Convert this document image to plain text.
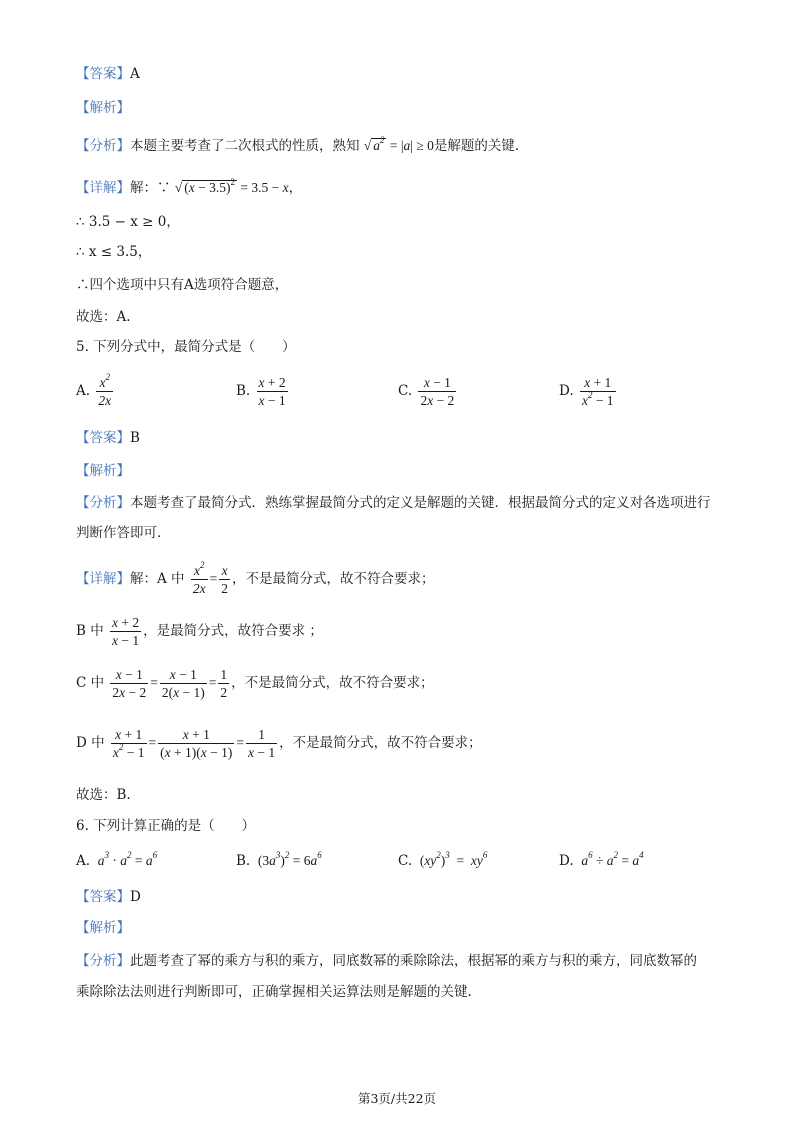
【答案】A
【解析】
【分析】本题主要考查了二次根式的性质，熟知 √ $a^2 = |a| \ge 0$是解题的关键.
【详解】解：∵ √ $(x - 3.5)^2 = 3.5 - x$，
∴ 3.5 − x ≥ 0，
∴ x ≤ 3.5，
∴四个选项中只有A选项符合题意，
故选：A.
5. 下列分式中，最简分式是（　　）
A. $\frac{x^2}{2x}$	B. $\frac{x + 2}{x - 1}$	C. $\frac{x - 1}{2x - 2}$	D. $\frac{x + 1}{x^2 - 1}$
【答案】B
【解析】
【分析】本题考查了最简分式．熟练掌握最简分式的定义是解题的关键．根据最简分式的定义对各选项进行
判断作答即可．
【详解】解：A 中 $\frac{x^2}{2x} = \frac{x}{2}$ ，不是最简分式，故不符合要求；
B 中 $\frac{x + 2}{x - 1}$ ，是最简分式，故符合要求 ；
C 中 $\frac{x - 1}{2x - 2} = \frac{x - 1}{2(x - 1)} = \frac{1}{2}$ ，不是最简分式，故不符合要求；
D 中 $\frac{x + 1}{x^2 - 1} = \frac{x + 1}{(x + 1)(x - 1)} = \frac{1}{x - 1}$ ，不是最简分式，故不符合要求；
故选：B.
6. 下列计算正确的是（　　）
A.  $a^3 \cdot a^2 = a^6$	B. $(3a^3)^2 = 6a^6$	C. $(xy^2)^3 = xy^6$	D.  $a^6 \div a^2 = a^4$
【答案】D
【解析】
【分析】此题考查了幂的乘方与积的乘方，同底数幂的乘除除法，根据幂的乘方与积的乘方，同底数幂的
乘除除法法则进行判断即可，正确掌握相关运算法则是解题的关键.
第3页/共22页
